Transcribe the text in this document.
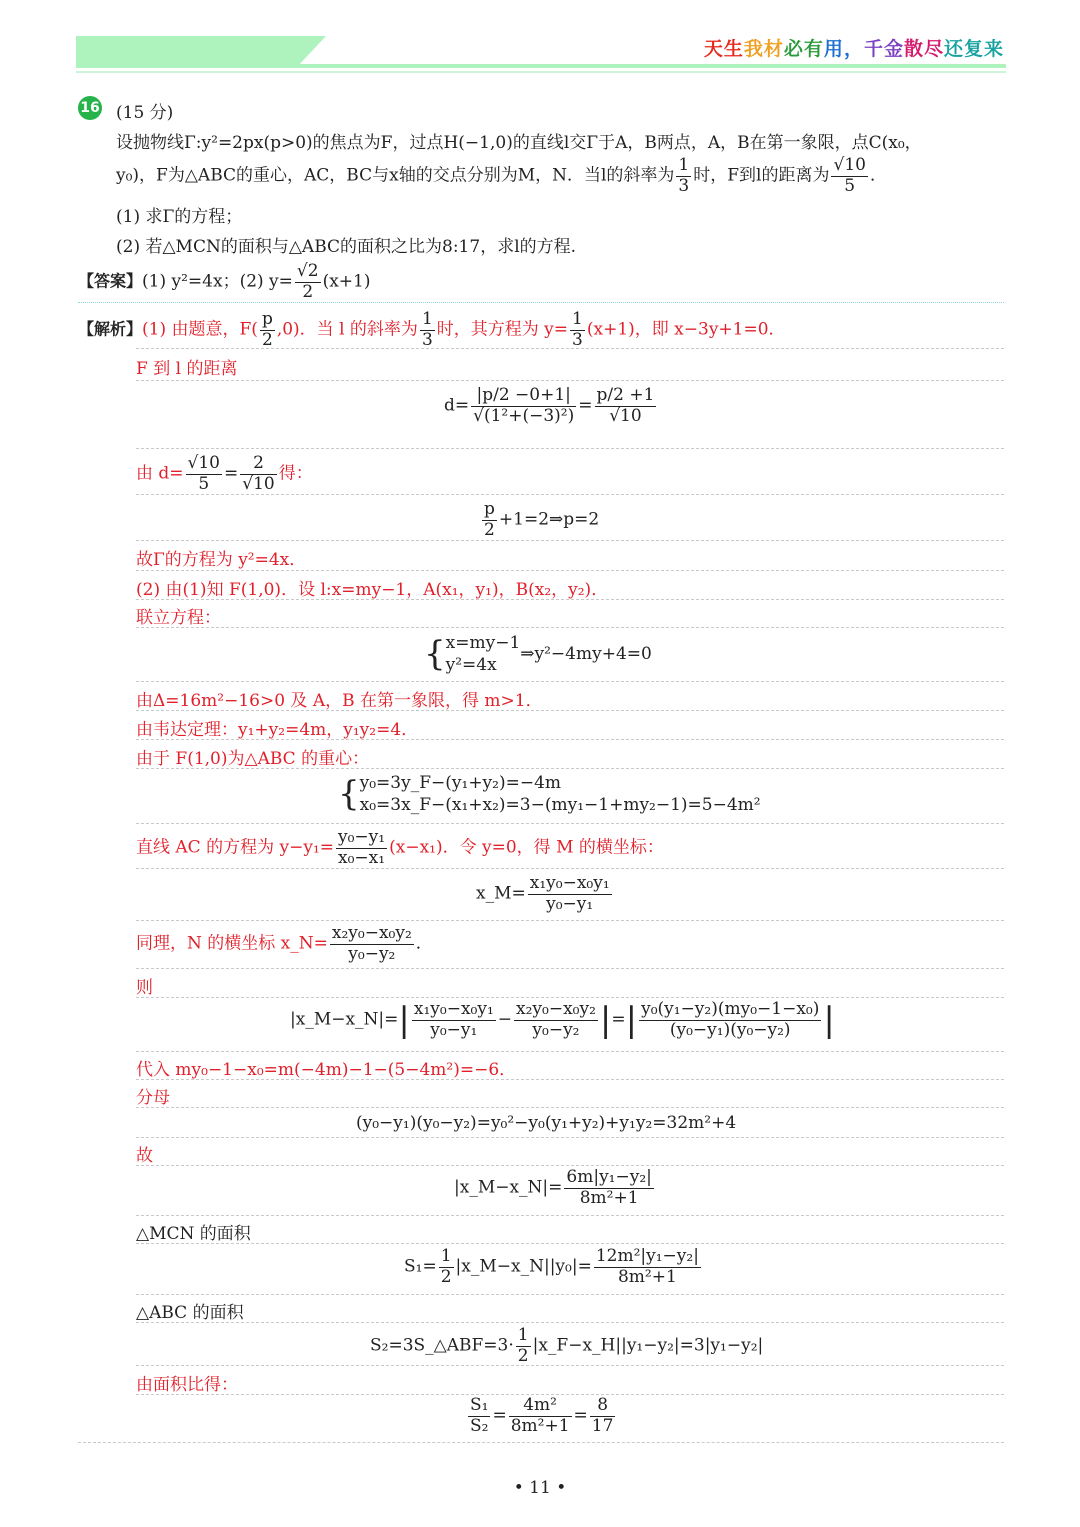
天生我材必有用，千金散尽还复来
16 (15 分)
设抛物线Γ:y²=2px(p>0)的焦点为F，过点H(−1,0)的直线l交Γ于A，B两点，A，B在第一象限，点C(x₀，
y₀)，F为△ABC的重心，AC，BC与x轴的交点分别为M，N．当l的斜率为 $\frac{1}{3}$ 时，F到l的距离为 $\frac{√10}{5}$ ．
(1) 求Γ的方程；
(2) 若△MCN的面积与△ABC的面积之比为8:17，求l的方程.
【答案】(1) y²=4x；(2) $y= \frac{√2}{2} (x+1)$
【解析】(1) 由题意，$F( \frac{p}{2} ,0)$．当 l 的斜率为 $\frac{1}{3}$ 时，其方程为 $y= \frac{1}{3} (x+1)$，即 x−3y+1=0．
F 到 l 的距离
$d= \frac{|p/2 -0+1|}{\text{√(1²+(−3)²)}} = \frac{p/2 +1}{√10}$
由 $d= \frac{√10}{5} = \frac{2}{√10}$ 得：
$\frac{p}{2}$ +1=2⇒p=2
故Γ的方程为 y²=4x．
(2) 由(1)知 F(1,0)．设 l:x=my−1，A(x₁，y₁)，B(x₂，y₂)．
联立方程：
{ x=my−1
y²=4x
⇒y²−4my+4=0
由Δ=16m²−16>0 及 A，B 在第一象限，得 m>1．
由韦达定理：y₁+y₂=4m，y₁y₂=4．
由于 F(1,0)为△ABC 的重心：
{ y₀=3y_F−(y₁+y₂)=−4m
x₀=3x_F−(x₁+x₂)=3−(my₁−1+my₂−1)=5−4m²
直线 AC 的方程为 $y-y_1= \frac{\text{y₀−y₁}}{\text{x₀−x₁}} (x-x_1)$．令 y=0，得 M 的横坐标：
x_M= $\frac{\text{x₁y₀−x₀y₁}}{\text{y₀−y₁}}$
同理，N 的横坐标 x_N= $\frac{\text{x₂y₀−x₀y₂}}{\text{y₀−y₂}}$ ．
则
|x_M−x_N|=| $\frac{\text{x₁y₀−x₀y₁}}{\text{y₀−y₁}} - \frac{\text{x₂y₀−x₀y₂}}{\text{y₀−y₂}}$ |=| $\frac{\text{y₀(y₁−y₂)(my₀−1−x₀)}}{\text{(y₀−y₁)(y₀−y₂)}}$ |
代入 my₀−1−x₀=m(−4m)−1−(5−4m²)=−6．
分母
(y₀−y₁)(y₀−y₂)=y₀²−y₀(y₁+y₂)+y₁y₂=32m²+4
故
|x_M−x_N|= $\frac{\text{6m|y₁−y₂|}}{\text{8m²+1}}$
△MCN 的面积
$S_1= \frac{1}{2}$ |x_M−x_N||y₀|= $\frac{\text{12m²|y₁−y₂|}}{\text{8m²+1}}$
△ABC 的面积
S₂=3S_△ABF=3· $\frac{1}{2}$ |x_F−x_H||y₁−y₂|=3|y₁−y₂|
由面积比得：
$\frac{\text{S₁}}{\text{S₂}} = \frac{\text{4m²}}{\text{8m²+1}} = \frac{8}{17}$
• 11 •
